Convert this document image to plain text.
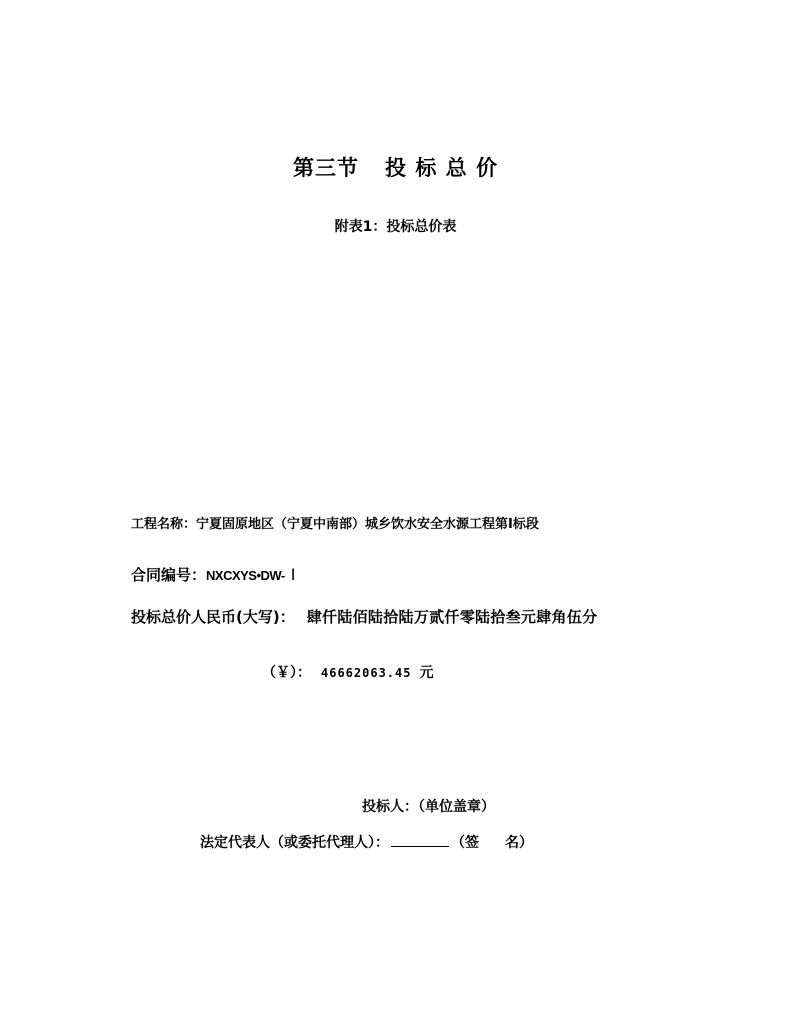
第三节 投 标 总 价
附表1：投标总价表
工程名称：宁夏固原地区（宁夏中南部）城乡饮水安全水源工程第Ⅰ标段
合同编号：NXCXYS•DW- Ⅰ
投标总价人民币(大写)： 肆仟陆佰陆拾陆万贰仟零陆拾叁元肆角伍分
（￥）： 46662063.45 元
投标人：（单位盖章）
法定代表人（或委托代理人）：	（签 名）
